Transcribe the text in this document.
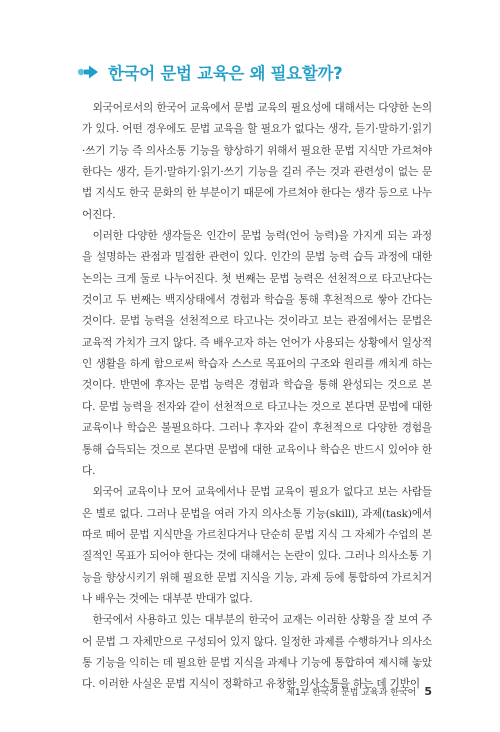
한국어 문법 교육은 왜 필요할까?

외국어로서의 한국어 교육에서 문법 교육의 필요성에 대해서는 다양한 논의가 있다. 어떤 경우에도 문법 교육을 할 필요가 없다는 생각, 듣기·말하기·읽기·쓰기 기능 즉 의사소통 기능을 향상하기 위해서 필요한 문법 지식만 가르쳐야 한다는 생각, 듣기·말하기·읽기·쓰기 기능을 길러 주는 것과 관련성이 없는 문법 지식도 한국 문화의 한 부분이기 때문에 가르쳐야 한다는 생각 등으로 나누어진다.

이러한 다양한 생각들은 인간이 문법 능력(언어 능력)을 가지게 되는 과정을 설명하는 관점과 밀접한 관련이 있다. 인간의 문법 능력 습득 과정에 대한 논의는 크게 둘로 나누어진다. 첫 번째는 문법 능력은 선천적으로 타고난다는 것이고 두 번째는 백지상태에서 경험과 학습을 통해 후천적으로 쌓아 간다는 것이다. 문법 능력을 선천적으로 타고나는 것이라고 보는 관점에서는 문법은 교육적 가치가 크지 않다. 즉 배우고자 하는 언어가 사용되는 상황에서 일상적인 생활을 하게 함으로써 학습자 스스로 목표어의 구조와 원리를 깨치게 하는 것이다. 반면에 후자는 문법 능력은 경험과 학습을 통해 완성되는 것으로 본다. 문법 능력을 전자와 같이 선천적으로 타고나는 것으로 본다면 문법에 대한 교육이나 학습은 불필요하다. 그러나 후자와 같이 후천적으로 다양한 경험을 통해 습득되는 것으로 본다면 문법에 대한 교육이나 학습은 반드시 있어야 한다.

외국어 교육이나 모어 교육에서나 문법 교육이 필요가 없다고 보는 사람들은 별로 없다. 그러나 문법을 여러 가지 의사소통 기능(skill), 과제(task)에서 따로 떼어 문법 지식만을 가르친다거나 단순히 문법 지식 그 자체가 수업의 본질적인 목표가 되어야 한다는 것에 대해서는 논란이 있다. 그러나 의사소통 기능을 향상시키기 위해 필요한 문법 지식을 기능, 과제 등에 통합하여 가르치거나 배우는 것에는 대부분 반대가 없다.

한국에서 사용하고 있는 대부분의 한국어 교재는 이러한 상황을 잘 보여 주어 문법 그 자체만으로 구성되어 있지 않다. 일정한 과제를 수행하거나 의사소통 기능을 익히는 데 필요한 문법 지식을 과제나 기능에 통합하여 제시해 놓았다. 이러한 사실은 문법 지식이 정확하고 유창한 의사소통을 하는 데 기반이

제1부 한국어 문법 교육과 한국어 5
